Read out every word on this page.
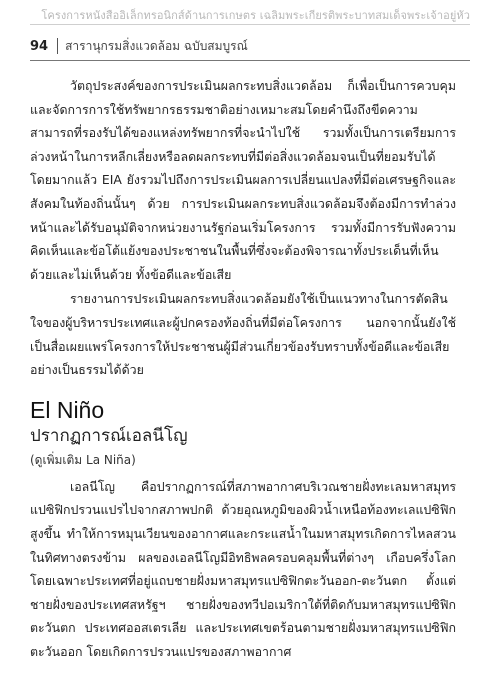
โครงการหนังสืออิเล็กทรอนิกส์ด้านการเกษตร เฉลิมพระเกียรติพระบาทสมเด็จพระเจ้าอยู่หัว
94 สารานุกรมสิ่งแวดล้อม ฉบับสมบูรณ์

วัตถุประสงค์ของการประเมินผลกระทบสิ่งแวดล้อม ก็เพื่อเป็นการควบคุมและจัดการการใช้ทรัพยากรธรรมชาติอย่างเหมาะสมโดยคำนึงถึงขีดความสามารถที่รองรับได้ของแหล่งทรัพยากรที่จะนำไปใช้ รวมทั้งเป็นการเตรียมการล่วงหน้าในการหลีกเลี่ยงหรือลดผลกระทบที่มีต่อสิ่งแวดล้อมจนเป็นที่ยอมรับได้ โดยมากแล้ว EIA ยังรวมไปถึงการประเมินผลการเปลี่ยนแปลงที่มีต่อเศรษฐกิจและสังคมในท้องถิ่นนั้นๆ ด้วย การประเมินผลกระทบสิ่งแวดล้อมจึงต้องมีการทำล่วงหน้าและได้รับอนุมัติจากหน่วยงานรัฐก่อนเริ่มโครงการ รวมทั้งมีการรับฟังความคิดเห็นและข้อโต้แย้งของประชาชนในพื้นที่ซึ่งจะต้องพิจารณาทั้งประเด็นที่เห็นด้วยและไม่เห็นด้วย ทั้งข้อดีและข้อเสีย

รายงานการประเมินผลกระทบสิ่งแวดล้อมยังใช้เป็นแนวทางในการตัดสินใจของผู้บริหารประเทศและผู้ปกครองท้องถิ่นที่มีต่อโครงการ นอกจากนั้นยังใช้เป็นสื่อเผยแพร่โครงการให้ประชาชนผู้มีส่วนเกี่ยวข้องรับทราบทั้งข้อดีและข้อเสียอย่างเป็นธรรมได้ด้วย

El Niño
ปรากฏการณ์เอลนีโญ
(ดูเพิ่มเติม La Niña)

เอลนีโญ คือปรากฏการณ์ที่สภาพอากาศบริเวณชายฝั่งทะเลมหาสมุทรแปซิฟิกปรวนแปรไปจากสภาพปกติ ด้วยอุณหภูมิของผิวน้ำเหนือท้องทะเลแปซิฟิกสูงขึ้น ทำให้การหมุนเวียนของอากาศและกระแสน้ำในมหาสมุทรเกิดการไหลสวนในทิศทางตรงข้าม ผลของเอลนีโญมีอิทธิพลครอบคลุมพื้นที่ต่างๆ เกือบครึ่งโลก โดยเฉพาะประเทศที่อยู่แถบชายฝั่งมหาสมุทรแปซิฟิกตะวันออก-ตะวันตก ตั้งแต่ชายฝั่งของประเทศสหรัฐฯ ชายฝั่งของทวีปอเมริกาใต้ที่ติดกับมหาสมุทรแปซิฟิกตะวันตก ประเทศออสเตรเลีย และประเทศเขตร้อนตามชายฝั่งมหาสมุทรแปซิฟิกตะวันออก โดยเกิดการปรวนแปรของสภาพอากาศ
